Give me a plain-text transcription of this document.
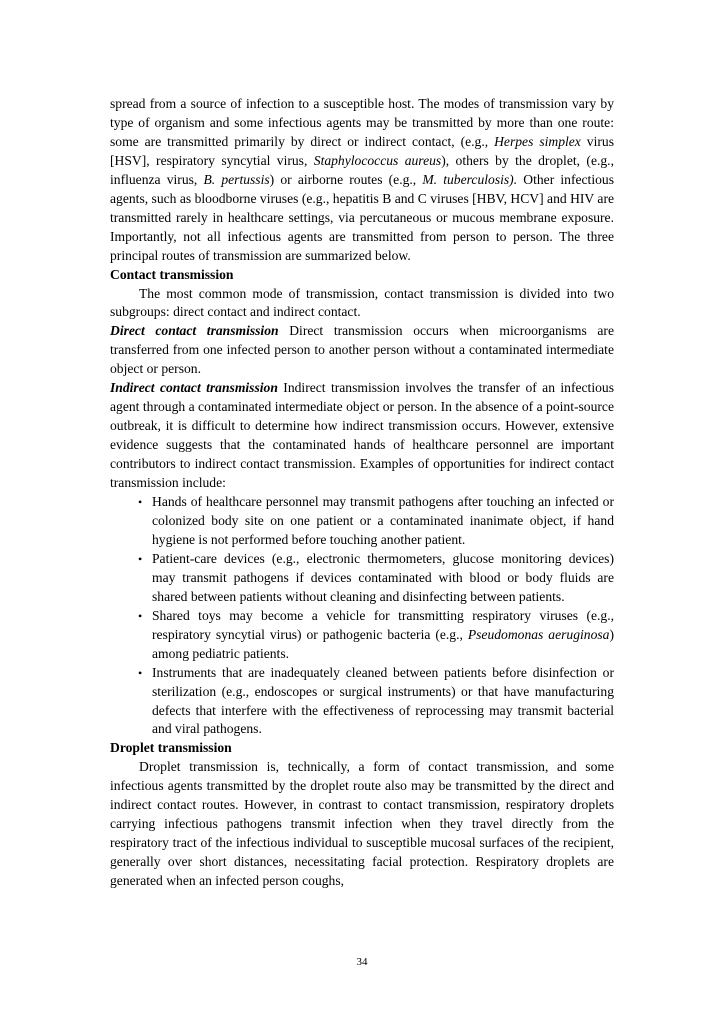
spread from a source of infection to a susceptible host. The modes of transmission vary by type of organism and some infectious agents may be transmitted by more than one route: some are transmitted primarily by direct or indirect contact, (e.g., Herpes simplex virus [HSV], respiratory syncytial virus, Staphylococcus aureus), others by the droplet, (e.g., influenza virus, B. pertussis) or airborne routes (e.g., M. tuberculosis). Other infectious agents, such as bloodborne viruses (e.g., hepatitis B and C viruses [HBV, HCV] and HIV are transmitted rarely in healthcare settings, via percutaneous or mucous membrane exposure. Importantly, not all infectious agents are transmitted from person to person. The three principal routes of transmission are summarized below.

Contact transmission

The most common mode of transmission, contact transmission is divided into two subgroups: direct contact and indirect contact.

Direct contact transmission Direct transmission occurs when microorganisms are transferred from one infected person to another person without a contaminated intermediate object or person.

Indirect contact transmission Indirect transmission involves the transfer of an infectious agent through a contaminated intermediate object or person. In the absence of a point-source outbreak, it is difficult to determine how indirect transmission occurs. However, extensive evidence suggests that the contaminated hands of healthcare personnel are important contributors to indirect contact transmission. Examples of opportunities for indirect contact transmission include:

• Hands of healthcare personnel may transmit pathogens after touching an infected or colonized body site on one patient or a contaminated inanimate object, if hand hygiene is not performed before touching another patient.
• Patient-care devices (e.g., electronic thermometers, glucose monitoring devices) may transmit pathogens if devices contaminated with blood or body fluids are shared between patients without cleaning and disinfecting between patients.
• Shared toys may become a vehicle for transmitting respiratory viruses (e.g., respiratory syncytial virus) or pathogenic bacteria (e.g., Pseudomonas aeruginosa) among pediatric patients.
• Instruments that are inadequately cleaned between patients before disinfection or sterilization (e.g., endoscopes or surgical instruments) or that have manufacturing defects that interfere with the effectiveness of reprocessing may transmit bacterial and viral pathogens.

Droplet transmission

Droplet transmission is, technically, a form of contact transmission, and some infectious agents transmitted by the droplet route also may be transmitted by the direct and indirect contact routes. However, in contrast to contact transmission, respiratory droplets carrying infectious pathogens transmit infection when they travel directly from the respiratory tract of the infectious individual to susceptible mucosal surfaces of the recipient, generally over short distances, necessitating facial protection. Respiratory droplets are generated when an infected person coughs,

34
